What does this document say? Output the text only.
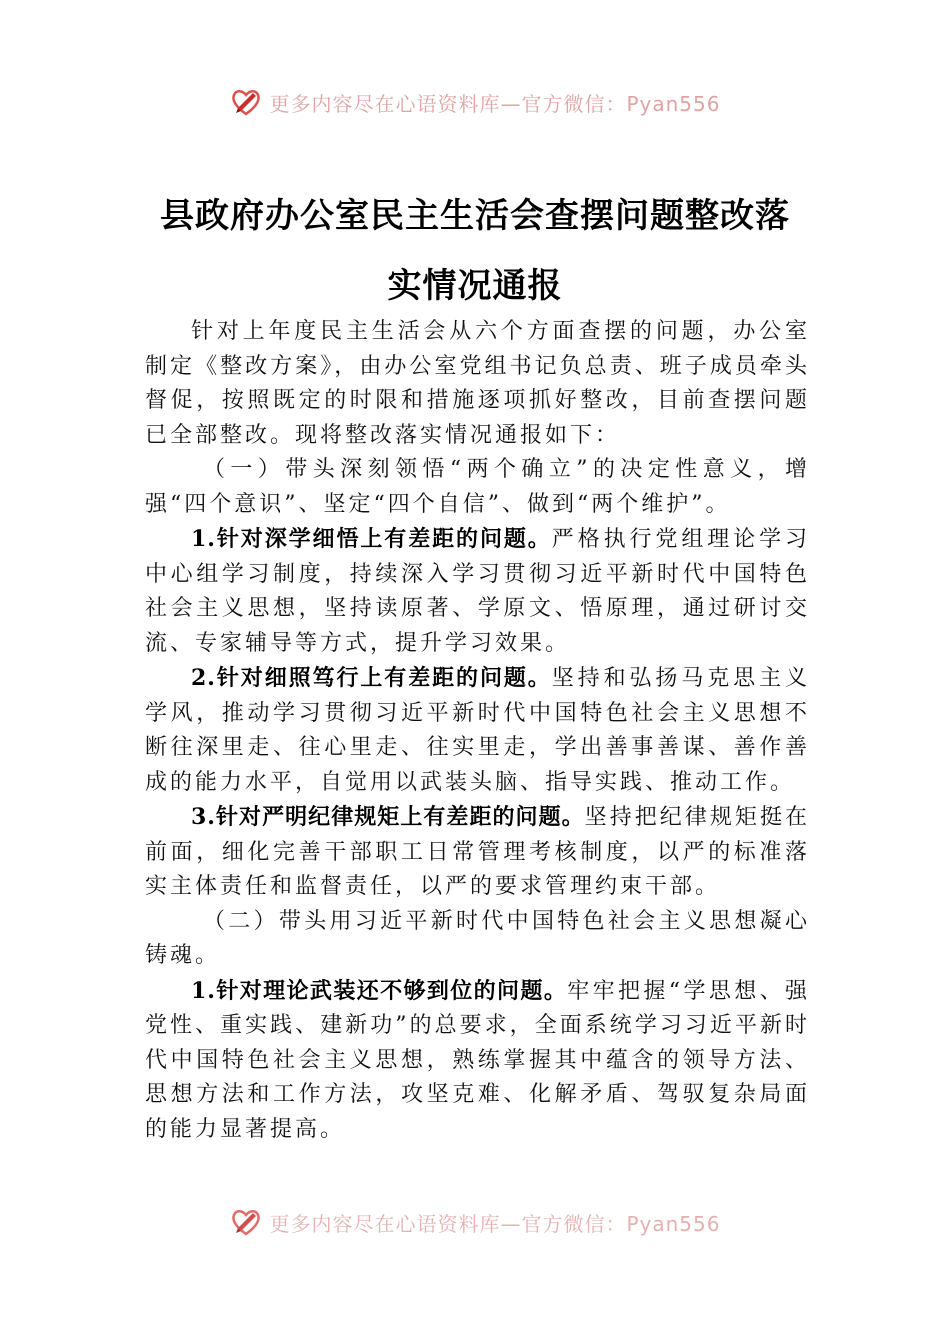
更多内容尽在心语资料库—官方微信：Pyan556
县政府办公室民主生活会查摆问题整改落
实情况通报

针对上年度民主生活会从六个方面查摆的问题，办公室制定《整改方案》，由办公室党组书记负总责、班子成员牵头督促，按照既定的时限和措施逐项抓好整改，目前查摆问题已全部整改。现将整改落实情况通报如下：

（一）带头深刻领悟“两个确立”的决定性意义，增强“四个意识”、坚定“四个自信”、做到“两个维护”。

1.针对深学细悟上有差距的问题。严格执行党组理论学习中心组学习制度，持续深入学习贯彻习近平新时代中国特色社会主义思想，坚持读原著、学原文、悟原理，通过研讨交流、专家辅导等方式，提升学习效果。

2.针对细照笃行上有差距的问题。坚持和弘扬马克思主义学风，推动学习贯彻习近平新时代中国特色社会主义思想不断往深里走、往心里走、往实里走，学出善事善谋、善作善成的能力水平，自觉用以武装头脑、指导实践、推动工作。

3.针对严明纪律规矩上有差距的问题。坚持把纪律规矩挺在前面，细化完善干部职工日常管理考核制度，以严的标准落实主体责任和监督责任，以严的要求管理约束干部。

（二）带头用习近平新时代中国特色社会主义思想凝心铸魂。

1.针对理论武装还不够到位的问题。牢牢把握“学思想、强党性、重实践、建新功”的总要求，全面系统学习习近平新时代中国特色社会主义思想，熟练掌握其中蕴含的领导方法、思想方法和工作方法，攻坚克难、化解矛盾、驾驭复杂局面的能力显著提高。

更多内容尽在心语资料库—官方微信：Pyan556
